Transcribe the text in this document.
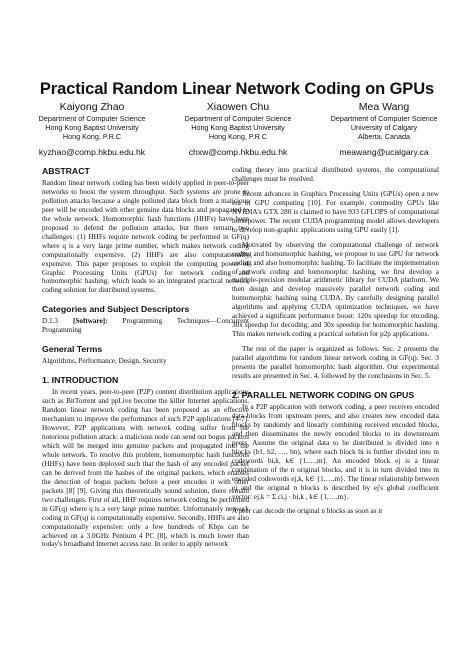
Practical Random Linear Network Coding on GPUs
Kaiyong Zhao
Department of Computer Science
Hong Kong Baptist University
Hong Kong, P.R.C
kyzhao@comp.hkbu.edu.hk
Xiaowen Chu
Department of Computer Science
Hong Kong Baptist University
Hong Kong, P.R.C
chxw@comp.hkbu.edu.hk
Mea Wang
Department of Computer Science
University of Calgary
Alberta, Canada
meawang@ucalgary.ca
ABSTRACT

Random linear network coding has been widely applied in peer-to-peer networks to boost the system throughput. Such systems are prone to pollution attacks because a single polluted data block from a malicious peer will be encoded with other genuine data blocks and propagated to the whole network. Homomorphic hash functions (HHFs) have been proposed to defend the pollution attacks, but there remain two challenges: (1) HHFs require network coding be performed in GF(q) where q is a very large prime number, which makes network coding computationally expensive. (2) HHFs are also computationally expensive. This paper proposes to exploit the computing power of Graphic Processing Units (GPUs) for network coding and homomorphic hashing, which leads to an integrated practical network coding solution for distributed systems.

Categories and Subject Descriptors

D.1.3 [Software]: Programming Techniques—Concurrent Programming

General Terms

Algorithms, Performance, Design, Security

1. INTRODUCTION

In recent years, peer-to-peer (P2P) content distribution applications such as BitTorrent and ppLive become the killer Internet applications. Random linear network coding has been proposed as an effective mechanism to improve the performance of such P2P applications [4-7]. However, P2P applications with network coding suffer from the notorious pollution attack: a malicious node can send out bogus packets which will be merged into genuine packets and propagated into the whole network. To resolve this problem, homomorphic hash functions (HHFs) have been deployed such that the hash of any encoded packet can be derived from the hashes of the original packets, which enables the detection of bogus packets before a peer encodes it with other packets [8] [9]. Giving this theoretically sound solution, there remain two challenges. First of all, HHF requires network coding be performed in GF(q) where q is a very large prime number. Unfortunately network coding in GF(q) is computationally expensive. Secondly, HHFs are also computationally expensive: only a few hundreds of Kbps can be achieved on a 3.0GHz Pentium 4 PC [8], which is much lower than today's broadband Internet access rate. In order to apply network

coding theory into practical distributed systems, the computational challenges must be resolved.

Recent advances in Graphics Processing Units (GPUs) open a new era of GPU computing [10]. For example, commodity GPUs like NVIDIA's GTX 280 is claimed to have 933 GFLOPS of computational horsepower. The recent CUDA programming model allows developers to develop non-graphic applications using GPU easily [1].

Motivated by observing the computational challenge of network coding and homomorphic hashing, we propose to use GPU for network coding and also homomorphic hashing. To facilitate the implementation of network coding and homomorphic hashing, we first develop a multiple-precision modular arithmetic library for CUDA platform. We then design and develop massively parallel network coding and homomorphic hashing using CUDA. By carefully designing parallel algorithms and applying CUDA optimization techniques, we have achieved a significant performance boost: 120x speedup for encoding, 30x speedup for decoding, and 30x speedup for homomorphic hashing. This makes network coding a practical solution for p2p applications.

The rest of the paper is organized as follows. Sec. 2 presents the parallel algorithms for random linear network coding in GF(q). Sec. 3 presents the parallel homomorphic hash algorithm. Our experimental results are presented in Sec. 4, followed by the conclusions in Sec. 5.

2. PARALLEL NETWORK CODING ON GPUS

In a P2P application with network coding, a peer receives encoded data blocks from upstream peers, and also creates new encoded data blocks by randomly and linearly combining received encoded blocks, and then disseminates the newly encoded blocks to its downstream peers. Assume the original data to be distributed is divided into n blocks (b1, b2, …, bn), where each block bi is further divided into m codewords bi,k, k∈ {1,…,m}. An encoded block ej is a linear combination of the n original blocks, and it is in turn divided into m encoded codewords ej,k, k∈ {1,…,m}. The linear relationship between ej and the original n blocks is described by ej's global coefficient vector: ej,k = Σ ci,j · bi,k , k∈ {1,…,m}.

A peer can decode the original n blocks as soon as it
